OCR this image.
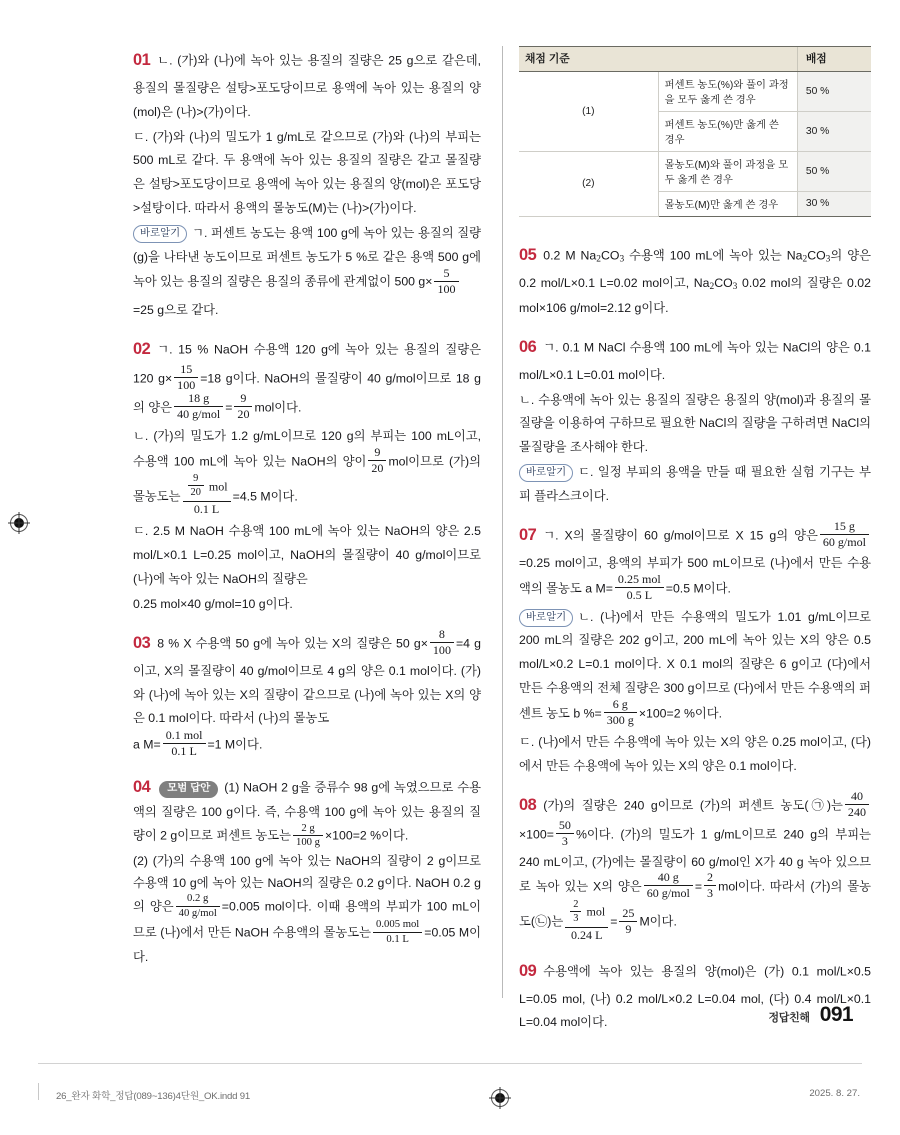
01 ㄴ. (가)와 (나)에 녹아 있는 용질의 질량은 25 g으로 같은데, 용질의 몰질량은 설탕>포도당이므로 용액에 녹아 있는 용질의 양(mol)은 (나)>(가)이다.

ㄷ. (가)와 (나)의 밀도가 1 g/mL로 같으므로 (가)와 (나)의 부피는 500 mL로 같다. 두 용액에 녹아 있는 용질의 질량은 같고 몰질량은 설탕>포도당이므로 용액에 녹아 있는 용질의 양(mol)은 포도당>설탕이다. 따라서 용액의 몰농도(M)는 (나)>(가)이다.

바로알기 ㄱ. 퍼센트 농도는 용액 100 g에 녹아 있는 용질의 질량(g)을 나타낸 농도이므로 퍼센트 농도가 5 %로 같은 용액 500 g에 녹아 있는 용질의 질량은 용질의 종류에 관계없이 500 $g\times \frac{5}{100}$

=25 g으로 같다.

02 ㄱ. 15 % NaOH 수용액 120 g에 녹아 있는 용질의 질량은 120 $g\times \frac{15}{100} =18$ g이다. NaOH의 몰질량이 40 g/mol이므로 18 g의 양은 $\frac{18 g}{\text{40 g/mol}} = \frac{9}{20}$ mol이다.

ㄴ. (가)의 밀도가 1.2 g/mL이므로 120 g의 부피는 100 mL이고, 수용액 100 mL에 녹아 있는 NaOH의 양이 $\frac{9}{20}$ mol이므로 (가)의 몰농도는 $\frac{\frac{9}{20} mol}{0.1 L} =4.5$ M이다.

ㄷ. 2.5 M NaOH 수용액 100 mL에 녹아 있는 NaOH의 양은 2.5 mol/L×0.1 L=0.25 mol이고, NaOH의 몰질량이 40 g/mol이므로 (나)에 녹아 있는 NaOH의 질량은

0.25 mol×40 g/mol=10 g이다.

03 8 % X 수용액 50 g에 녹아 있는 X의 질량은 50 $g\times \frac{8}{100} =4$ g이고, X의 몰질량이 40 g/mol이므로 4 g의 양은 0.1 mol이다. (가)와 (나)에 녹아 있는 X의 질량이 같으므로 (나)에 녹아 있는 X의 양은 0.1 mol이다. 따라서 (나)의 몰농도

a $M= \frac{\text{0.1 mol}}{0.1 L} =1$ M이다.

04 모범 답안 (1) NaOH 2 g을 증류수 98 g에 녹였으므로 수용액의 질량은 100 g이다. 즉, 수용액 100 g에 녹아 있는 용질의 질량이 2 g이므로 퍼센트 농도는 $\frac{2 g}{100 g} \times 100=2$ %이다.

(2) (가)의 수용액 100 g에 녹아 있는 NaOH의 질량이 2 g이므로 수용액 10 g에 녹아 있는 NaOH의 질량은 0.2 g이다. NaOH 0.2 g의 양은 $\frac{0.2 g}{\text{40 g/mol}} =0.005$ mol이다. 이때 용액의 부피가 100 mL이므로 (나)에서 만든 NaOH 수용액의 몰농도는 $\frac{\text{0.005 mol}}{0.1 L} =0.05$ M이다.

채점 기준		배점
(1)	퍼센트 농도(%)와 풀이 과정을 모두 옳게 쓴 경우	50 %
	퍼센트 농도(%)만 옳게 쓴 경우	30 %
(2)	몰농도(M)와 풀이 과정을 모두 옳게 쓴 경우	50 %
	몰농도(M)만 옳게 쓴 경우	30 %

05 0.2 M $Na_2CO_3$ 수용액 100 mL에 녹아 있는 $Na_2CO_3$의 양은 0.2 mol/L×0.1 L=0.02 mol이고, $Na_2CO_3$ 0.02 mol의 질량은 0.02 mol×106 g/mol=2.12 g이다.

06 ㄱ. 0.1 M NaCl 수용액 100 mL에 녹아 있는 NaCl의 양은 0.1 mol/L×0.1 L=0.01 mol이다.

ㄴ. 수용액에 녹아 있는 용질의 질량은 용질의 양(mol)과 용질의 몰질량을 이용하여 구하므로 필요한 NaCl의 질량을 구하려면 NaCl의 몰질량을 조사해야 한다.

바로알기 ㄷ. 일정 부피의 용액을 만들 때 필요한 실험 기구는 부피 플라스크이다.

07 ㄱ. X의 몰질량이 60 g/mol이므로 X 15 g의 양은 $\frac{15 g}{\text{60 g/mol}}$
=0.25 mol이고, 용액의 부피가 500 mL이므로 (나)에서 만든 수용액의 몰농도 a $M= \frac{\text{0.25 mol}}{0.5 L} =0.5$ M이다.

바로알기 ㄴ. (나)에서 만든 수용액의 밀도가 1.01 g/mL이므로 200 mL의 질량은 202 g이고, 200 mL에 녹아 있는 X의 양은 0.5 mol/L×0.2 L=0.1 mol이다. X 0.1 mol의 질량은 6 g이고 (다)에서 만든 수용액의 전체 질량은 300 g이므로 (다)에서 만든 수용액의 퍼센트 농도 b %= $\frac{6 g}{300 g} \times 100=2$ %이다.

ㄷ. (나)에서 만든 수용액에 녹아 있는 X의 양은 0.25 mol이고, (다)에서 만든 수용액에 녹아 있는 X의 양은 0.1 mol이다.

08 (가)의 질량은 240 g이므로 (가)의 퍼센트 농도(㉠)는 $\frac{40}{240}$
$\times 100= \frac{50}{3}$ %이다. (가)의 밀도가 1 g/mL이므로 240 g의 부피는 240 mL이고, (가)에는 몰질량이 60 g/mol인 X가 40 g 녹아 있으므로 녹아 있는 X의 양은 $\frac{40 g}{\text{60 g/mol}} = \frac{2}{3}$ mol이다. 따라서 (가)의 몰농도(㉡)는 $\frac{\frac{2}{3} mol}{0.24 L} = \frac{25}{9}$ M이다.

09 수용액에 녹아 있는 용질의 양(mol)은 (가) 0.1 mol/L×0.5 L=0.05 mol, (나) 0.2 mol/L×0.2 L=0.04 mol, (다) 0.4 mol/L×0.1 L=0.04 mol이다.	정답친해 091
26_완자 화학_정답(089~136)4단원_OK.indd 91	2025. 8. 27.
